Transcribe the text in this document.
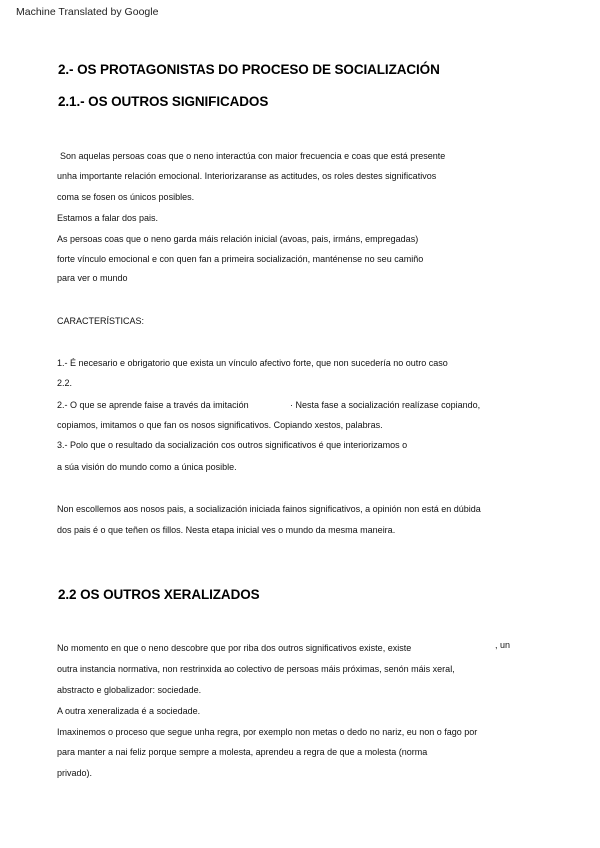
Machine Translated by Google
2.- OS PROTAGONISTAS DO PROCESO DE SOCIALIZACIÓN
2.1.- OS OUTROS SIGNIFICADOS
Son aquelas persoas coas que o neno interactúa con maior frecuencia e coas que está presente
unha importante relación emocional. Interiorizaranse as actitudes, os roles destes significativos
coma se fosen os únicos posibles.
Estamos a falar dos pais.
As persoas coas que o neno garda máis relación inicial (avoas, pais, irmáns, empregadas)
forte vínculo emocional e con quen fan a primeira socialización, manténense no seu camiño
para ver o mundo
CARACTERÍSTICAS:
1.- É necesario e obrigatorio que exista un vínculo afectivo forte, que non sucedería no outro caso
2.2.
2.- O que se aprende faise a través da imitación	· Nesta fase a socialización realízase copiando,
copiamos, imitamos o que fan os nosos significativos. Copiando xestos, palabras.
3.- Polo que o resultado da socialización cos outros significativos é que interiorizamos o
a súa visión do mundo como a única posible.
Non escollemos aos nosos pais, a socialización iniciada fainos significativos, a opinión non está en dúbida
dos pais é o que teñen os fillos. Nesta etapa inicial ves o mundo da mesma maneira.
2.2 OS OUTROS XERALIZADOS
No momento en que o neno descobre que por riba dos outros significativos existe, existe	, un
outra instancia normativa, non restrinxida ao colectivo de persoas máis próximas, senón máis xeral,
abstracto e globalizador: sociedade.
A outra xeneralizada é a sociedade.
Imaxinemos o proceso que segue unha regra, por exemplo non metas o dedo no nariz, eu non o fago por
para manter a nai feliz porque sempre a molesta, aprendeu a regra de que a molesta (norma
privado).
